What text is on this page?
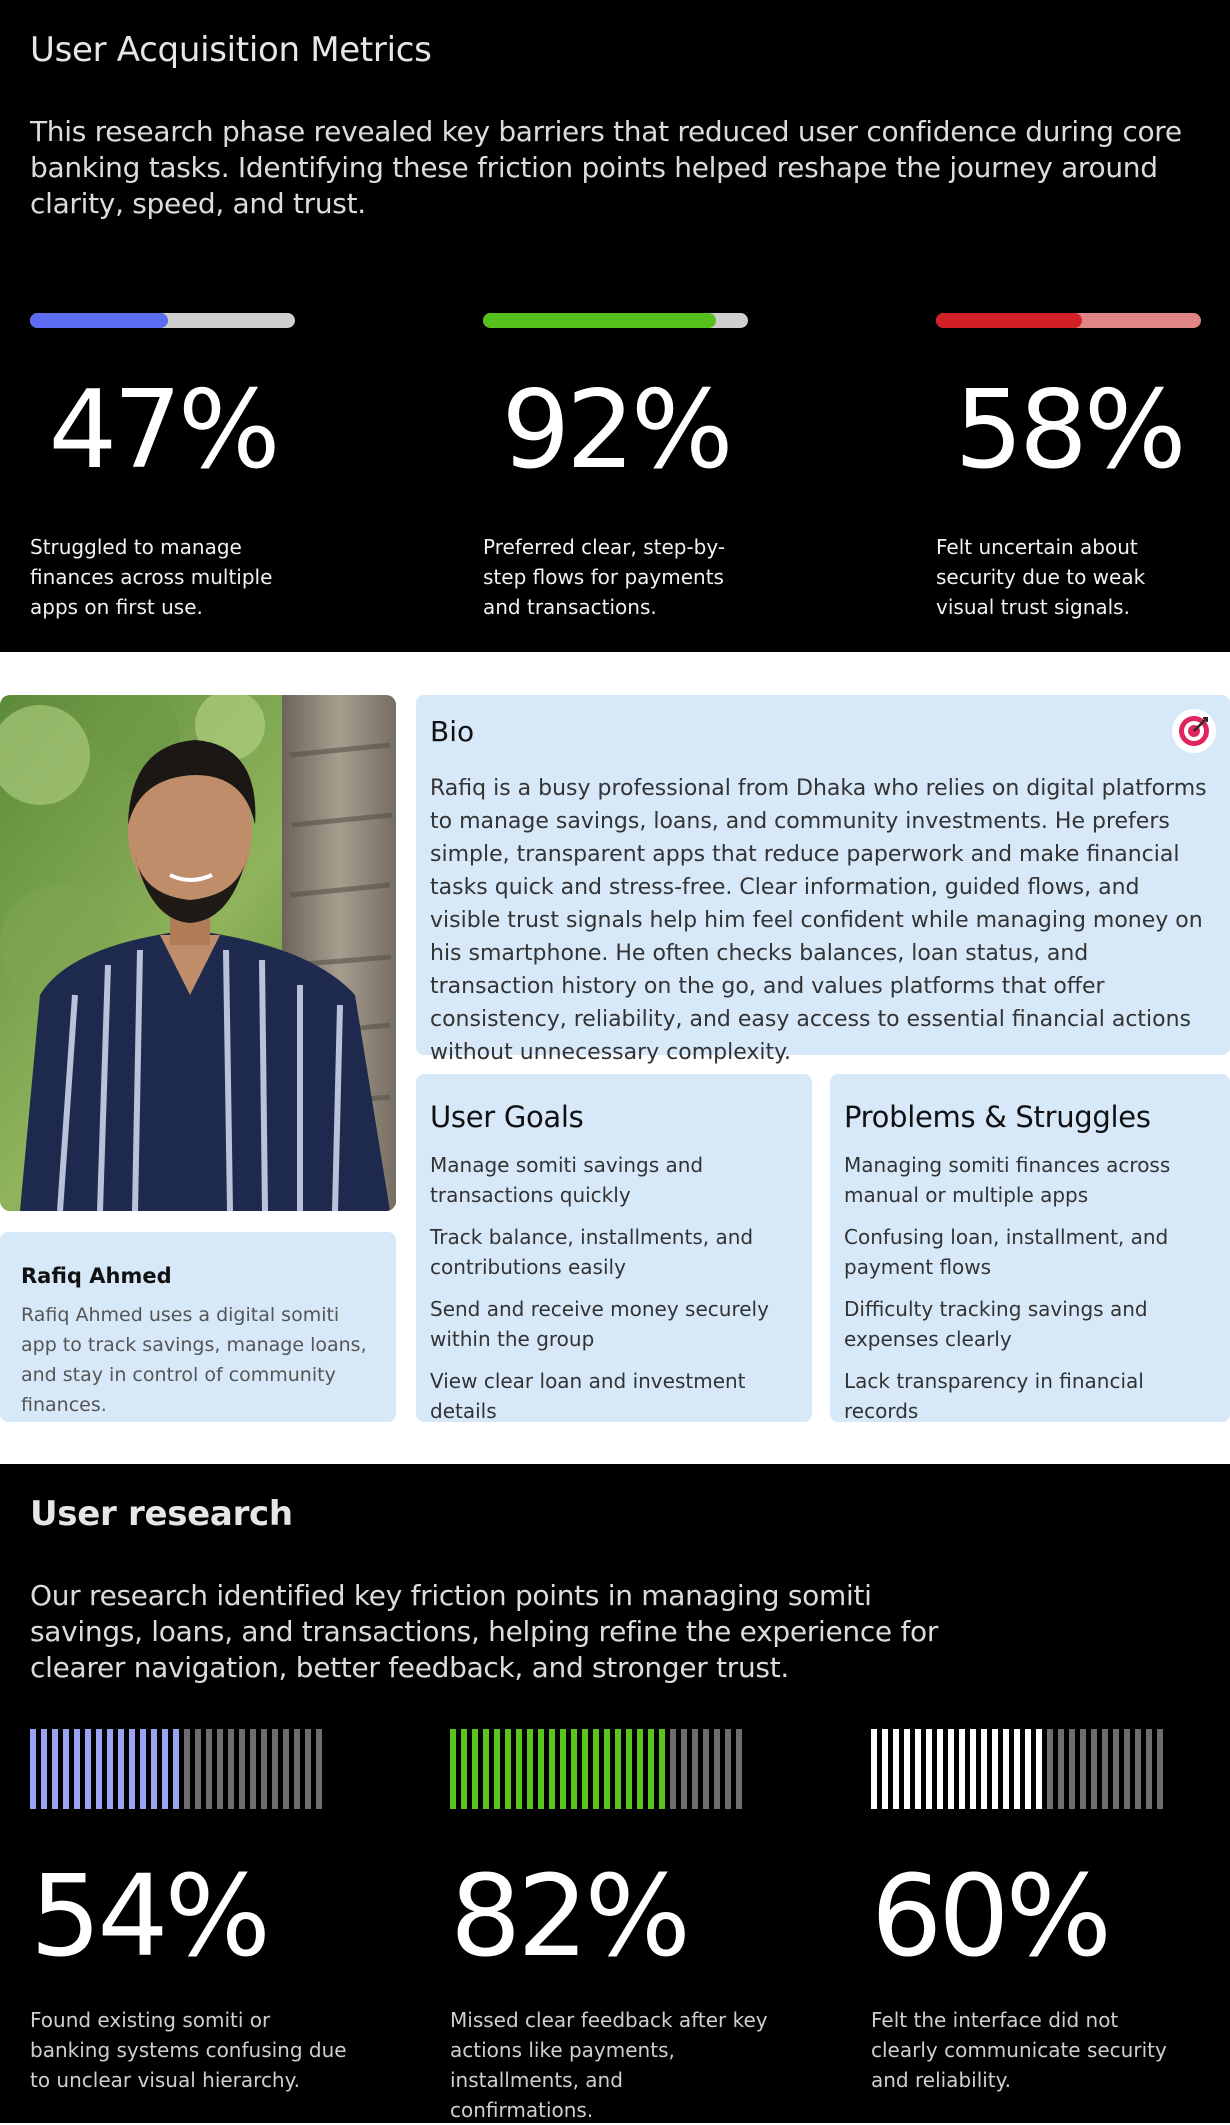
User Acquisition Metrics

This research phase revealed key barriers that reduced user confidence during core banking tasks. Identifying these friction points helped reshape the journey around clarity, speed, and trust.

47%

Struggled to manage finances across multiple apps on first use.

92%

Preferred clear, step-by-step flows for payments and transactions.

58%

Felt uncertain about security due to weak visual trust signals.

Rafiq Ahmed

Rafiq Ahmed uses a digital somiti app to track savings, manage loans, and stay in control of community finances.

Bio

Rafiq is a busy professional from Dhaka who relies on digital platforms to manage savings, loans, and community investments. He prefers simple, transparent apps that reduce paperwork and make financial tasks quick and stress-free. Clear information, guided flows, and visible trust signals help him feel confident while managing money on his smartphone. He often checks balances, loan status, and transaction history on the go, and values platforms that offer consistency, reliability, and easy access to essential financial actions without unnecessary complexity.

User Goals
Manage somiti savings and transactions quickly
Track balance, installments, and contributions easily
Send and receive money securely within the group
View clear loan and investment details
Problems & Struggles
Managing somiti finances across manual or multiple apps
Confusing loan, installment, and payment flows
Difficulty tracking savings and expenses clearly
Lack transparency in financial records
User research

Our research identified key friction points in managing somiti savings, loans, and transactions, helping refine the experience for clearer navigation, better feedback, and stronger trust.

54%

Found existing somiti or banking systems confusing due to unclear visual hierarchy.

82%

Missed clear feedback after key actions like payments, installments, and confirmations.

60%

Felt the interface did not clearly communicate security and reliability.
